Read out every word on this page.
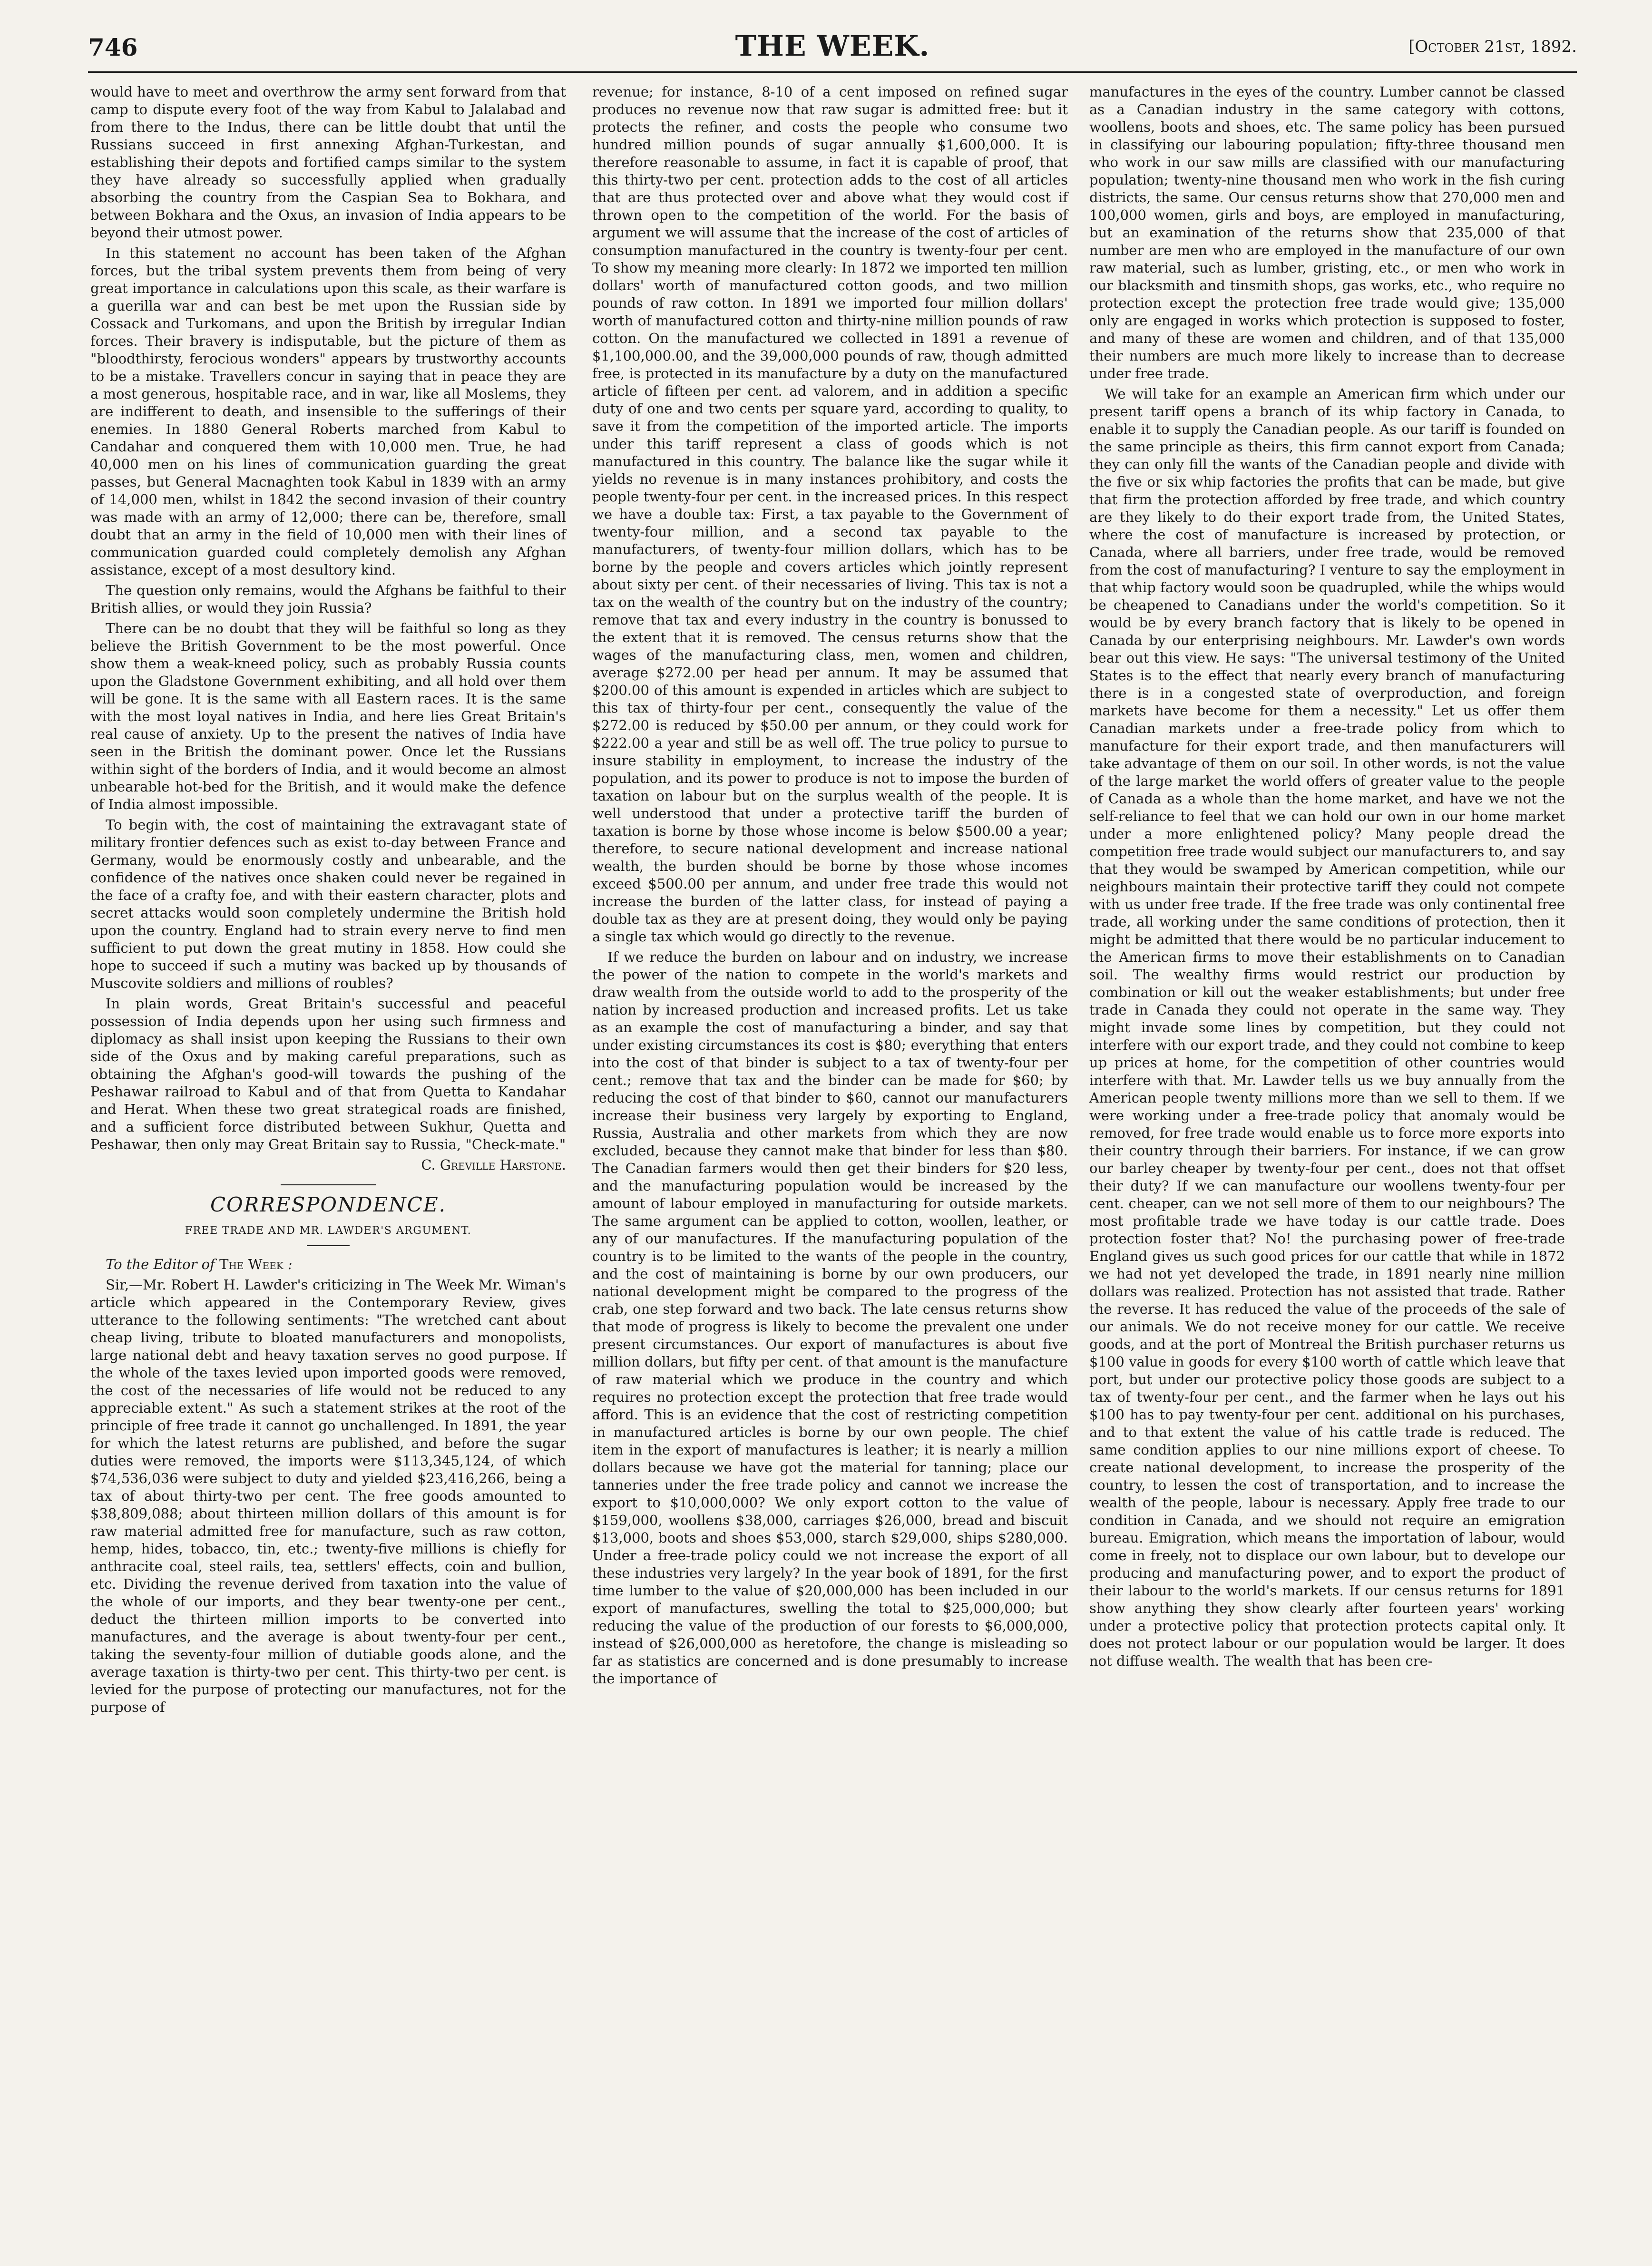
746	THE WEEK.	[October 21st, 1892.

would have to meet and overthrow the army sent forward from that camp to dispute every foot of the way from Kabul to Jalalabad and from there to the Indus, there can be little doubt that until the Russians succeed in first annexing Afghan-Turkestan, and establishing their depots and fortified camps similar to the system they have already so successfully applied when gradually absorbing the country from the Caspian Sea to Bokhara, and between Bokhara and the Oxus, an invasion of India appears to be beyond their utmost power.

In this statement no account has been taken of the Afghan forces, but the tribal system prevents them from being of very great importance in calculations upon this scale, as their warfare is a guerilla war and can best be met upon the Russian side by Cossack and Turkomans, and upon the British by irregular Indian forces. Their bravery is indisputable, but the picture of them as "bloodthirsty, ferocious wonders" appears by trustworthy accounts to be a mistake. Travellers concur in saying that in peace they are a most generous, hospitable race, and in war, like all Moslems, they are indifferent to death, and insensible to the sufferings of their enemies. In 1880 General Roberts marched from Kabul to Candahar and conquered them with 10,000 men. True, he had 40,000 men on his lines of communication guarding the great passes, but General Macnaghten took Kabul in 1839 with an army of 14,000 men, whilst in 1842 the second invasion of their country was made with an army of 12,000; there can be, therefore, small doubt that an army in the field of 10,000 men with their lines of communication guarded could completely demolish any Afghan assistance, except of a most desultory kind.

The question only remains, would the Afghans be faithful to their British allies, or would they join Russia?

There can be no doubt that they will be faithful so long as they believe the British Government to be the most powerful. Once show them a weak-kneed policy, such as probably Russia counts upon the Gladstone Government exhibiting, and all hold over them will be gone. It is the same with all Eastern races. It is the same with the most loyal natives in India, and here lies Great Britain's real cause of anxiety. Up to the present the natives of India have seen in the British the dominant power. Once let the Russians within sight of the borders of India, and it would become an almost unbearable hot-bed for the British, and it would make the defence of India almost impossible.

To begin with, the cost of maintaining the extravagant state of military frontier defences such as exist to-day between France and Germany, would be enormously costly and unbearable, and the confidence of the natives once shaken could never be regained in the face of a crafty foe, and with their eastern character, plots and secret attacks would soon completely undermine the British hold upon the country. England had to strain every nerve to find men sufficient to put down the great mutiny in 1858. How could she hope to succeed if such a mutiny was backed up by thousands of Muscovite soldiers and millions of roubles?

In plain words, Great Britain's successful and peaceful possession of India depends upon her using such firmness and diplomacy as shall insist upon keeping the Russians to their own side of the Oxus and by making careful preparations, such as obtaining the Afghan's good-will towards the pushing of the Peshawar railroad to Kabul and of that from Quetta to Kandahar and Herat. When these two great strategical roads are finished, and a sufficient force distributed between Sukhur, Quetta and Peshawar, then only may Great Britain say to Russia, "Check-mate."

C. Greville Harstone.

CORRESPONDENCE.
FREE TRADE AND MR. LAWDER'S ARGUMENT.

To the Editor of The Week :

Sir,—Mr. Robert H. Lawder's criticizing in The Week Mr. Wiman's article which appeared in the Contemporary Review, gives utterance to the following sentiments: "The wretched cant about cheap living, tribute to bloated manufacturers and monopolists, large national debt and heavy taxation serves no good purpose. If the whole of the taxes levied upon imported goods were removed, the cost of the necessaries of life would not be reduced to any appreciable extent." As such a statement strikes at the root of the principle of free trade it cannot go unchallenged. In 1891, the year for which the latest returns are published, and before the sugar duties were removed, the imports were $113,345,124, of which $74,536,036 were subject to duty and yielded $23,416,266, being a tax of about thirty-two per cent. The free goods amounted to $38,809,088; about thirteen million dollars of this amount is for raw material admitted free for manufacture, such as raw cotton, hemp, hides, tobacco, tin, etc.; twenty-five millions is chiefly for anthracite coal, steel rails, tea, settlers' effects, coin and bullion, etc. Dividing the revenue derived from taxation into the value of the whole of our imports, and they bear twenty-one per cent., deduct the thirteen million imports to be converted into manufactures, and the average is about twenty-four per cent., taking the seventy-four million of dutiable goods alone, and the average taxation is thirty-two per cent. This thirty-two per cent. is levied for the purpose of protecting our manufactures, not for the purpose of

revenue; for instance, 8-10 of a cent imposed on refined sugar produces no revenue now that raw sugar is admitted free: but it protects the refiner, and costs the people who consume two hundred million pounds of sugar annually $1,600,000. It is therefore reasonable to assume, in fact it is capable of proof, that this thirty-two per cent. protection adds to the cost of all articles that are thus protected over and above what they would cost if thrown open to the competition of the world. For the basis of argument we will assume that the increase of the cost of articles of consumption manufactured in the country is twenty-four per cent. To show my meaning more clearly: In 1872 we imported ten million dollars' worth of manufactured cotton goods, and two million pounds of raw cotton. In 1891 we imported four million dollars' worth of manufactured cotton and thirty-nine million pounds of raw cotton. On the manufactured we collected in 1891 a revenue of $1,100,000.00, and the 39,000,000 pounds of raw, though admitted free, is protected in its manufacture by a duty on the manufactured article of fifteen per cent. ad valorem, and in addition a specific duty of one and two cents per square yard, according to quality, to save it from the competition of the imported article. The imports under this tariff represent a class of goods which is not manufactured in this country. The balance like the sugar while it yields no revenue is in many instances prohibitory, and costs the people twenty-four per cent. in the increased prices. In this respect we have a double tax: First, a tax payable to the Government of twenty-four million, and a second tax payable to the manufacturers, of twenty-four million dollars, which has to be borne by the people and covers articles which jointly represent about sixty per cent. of their necessaries of living. This tax is not a tax on the wealth of the country but on the industry of the country; remove that tax and every industry in the country is bonussed to the extent that it is removed. The census returns show that the wages of the manufacturing class, men, women and children, average $272.00 per head per annum. It may be assumed that $200.00 of this amount is expended in articles which are subject to this tax of thirty-four per cent., consequently the value of the $272.00 is reduced by $50.00 per annum, or they could work for $222.00 a year and still be as well off. The true policy to pursue to insure stability in employment, to increase the industry of the population, and its power to produce is not to impose the burden of taxation on labour but on the surplus wealth of the people. It is well understood that under a protective tariff the burden of taxation is borne by those whose income is below $500.00 a year; therefore, to secure national development and increase national wealth, the burden should be borne by those whose incomes exceed $500.00 per annum, and under free trade this would not increase the burden of the latter class, for instead of paying a double tax as they are at present doing, they would only be paying a single tax which would go directly to the revenue.

If we reduce the burden on labour and on industry, we increase the power of the nation to compete in the world's markets and draw wealth from the outside world to add to the prosperity of the nation by increased production and increased profits. Let us take as an example the cost of manufacturing a binder, and say that under existing circumstances its cost is $80; everything that enters into the cost of that binder is subject to a tax of twenty-four per cent.; remove that tax and the binder can be made for $60; by reducing the cost of that binder to $60, cannot our manufacturers increase their business very largely by exporting to England, Russia, Australia and other markets from which they are now excluded, because they cannot make that binder for less than $80. The Canadian farmers would then get their binders for $20 less, and the manufacturing population would be increased by the amount of labour employed in manufacturing for outside markets. The same argument can be applied to cotton, woollen, leather, or any of our manufactures. If the manufacturing population of the country is to be limited to the wants of the people in the country, and the cost of maintaining is borne by our own producers, our national development might be compared to the progress of the crab, one step forward and two back. The late census returns show that mode of progress is likely to become the prevalent one under present circumstances. Our export of manufactures is about five million dollars, but fifty per cent. of that amount is the manufacture of raw material which we produce in the country and which requires no protection except the protection that free trade would afford. This is an evidence that the cost of restricting competition in manufactured articles is borne by our own people. The chief item in the export of manufactures is leather; it is nearly a million dollars because we have got the material for tanning; place our tanneries under the free trade policy and cannot we increase the export to $10,000,000? We only export cotton to the value of $159,000, woollens $38,000, carriages $26,000, bread and biscuit $13,000, boots and shoes $53,000, starch $29,000, ships $280,000. Under a free-trade policy could we not increase the export of all these industries very largely? In the year book of 1891, for the first time lumber to the value of $20,000,000 has been included in our export of manufactures, swelling the total to $25,000,000; but reducing the value of the production of our forests to $6,000,000, instead of $26,000,000 as heretofore, the change is misleading so far as statistics are concerned and is done presumably to increase the importance of

manufactures in the eyes of the country. Lumber cannot be classed as a Canadian industry in the same category with cottons, woollens, boots and shoes, etc. The same policy has been pursued in classifying our labouring population; fifty-three thousand men who work in our saw mills are classified with our manufacturing population; twenty-nine thousand men who work in the fish curing districts, the same. Our census returns show that 270,000 men and 100,000 women, girls and boys, are employed in manufacturing, but an examination of the returns show that 235,000 of that number are men who are employed in the manufacture of our own raw material, such as lumber, gristing, etc., or men who work in our blacksmith and tinsmith shops, gas works, etc., who require no protection except the protection free trade would give; 135,000 only are engaged in works which protection is supposed to foster, and many of these are women and children, and of that 135,000 their numbers are much more likely to increase than to decrease under free trade.

We will take for an example an American firm which under our present tariff opens a branch of its whip factory in Canada, to enable it to supply the Canadian people. As our tariff is founded on the same principle as theirs, this firm cannot export from Canada; they can only fill the wants of the Canadian people and divide with the five or six whip factories the profits that can be made, but give that firm the protection afforded by free trade, and which country are they likely to do their export trade from, the United States, where the cost of manufacture is increased by protection, or Canada, where all barriers, under free trade, would be removed from the cost of manufacturing? I venture to say the employment in that whip factory would soon be quadrupled, while the whips would be cheapened to Canadians under the world's competition. So it would be by every branch factory that is likely to be opened in Canada by our enterprising neighbours. Mr. Lawder's own words bear out this view. He says: "The universal testimony of the United States is to the effect that nearly every branch of manufacturing there is in a congested state of overproduction, and foreign markets have become for them a necessity." Let us offer them Canadian markets under a free-trade policy from which to manufacture for their export trade, and then manufacturers will take advantage of them on our soil. In other words, is not the value of the large market the world offers of greater value to the people of Canada as a whole than the home market, and have we not the self-reliance to feel that we can hold our own in our home market under a more enlightened policy? Many people dread the competition free trade would subject our manufacturers to, and say that they would be swamped by American competition, while our neighbours maintain their protective tariff they could not compete with us under free trade. If the free trade was only continental free trade, all working under the same conditions of protection, then it might be admitted that there would be no particular inducement to the American firms to move their establishments on to Canadian soil. The wealthy firms would restrict our production by combination or kill out the weaker establishments; but under free trade in Canada they could not operate in the same way. They might invade some lines by competition, but they could not interfere with our export trade, and they could not combine to keep up prices at home, for the competition of other countries would interfere with that. Mr. Lawder tells us we buy annually from the American people twenty millions more than we sell to them. If we were working under a free-trade policy that anomaly would be removed, for free trade would enable us to force more exports into their country through their barriers. For instance, if we can grow our barley cheaper by twenty-four per cent., does not that offset their duty? If we can manufacture our woollens twenty-four per cent. cheaper, can we not sell more of them to our neighbours? The most profitable trade we have today is our cattle trade. Does protection foster that? No! the purchasing power of free-trade England gives us such good prices for our cattle that while in 1872 we had not yet developed the trade, in 1891 nearly nine million dollars was realized. Protection has not assisted that trade. Rather the reverse. It has reduced the value of the proceeds of the sale of our animals. We do not receive money for our cattle. We receive goods, and at the port of Montreal the British purchaser returns us $100 value in goods for every $100 worth of cattle which leave that port, but under our protective policy those goods are subject to a tax of twenty-four per cent., and the farmer when he lays out his $100 has to pay twenty-four per cent. additional on his purchases, and to that extent the value of his cattle trade is reduced. The same condition applies to our nine millions export of cheese. To create national development, to increase the prosperity of the country, to lessen the cost of transportation, and to increase the wealth of the people, labour is necessary. Apply free trade to our condition in Canada, and we should not require an emigration bureau. Emigration, which means the importation of labour, would come in freely, not to displace our own labour, but to develope our producing and manufacturing power, and to export the product of their labour to the world's markets. If our census returns for 1891 show anything they show clearly after fourteen years' working under a protective policy that protection protects capital only. It does not protect labour or our population would be larger. It does not diffuse wealth. The wealth that has been cre-
